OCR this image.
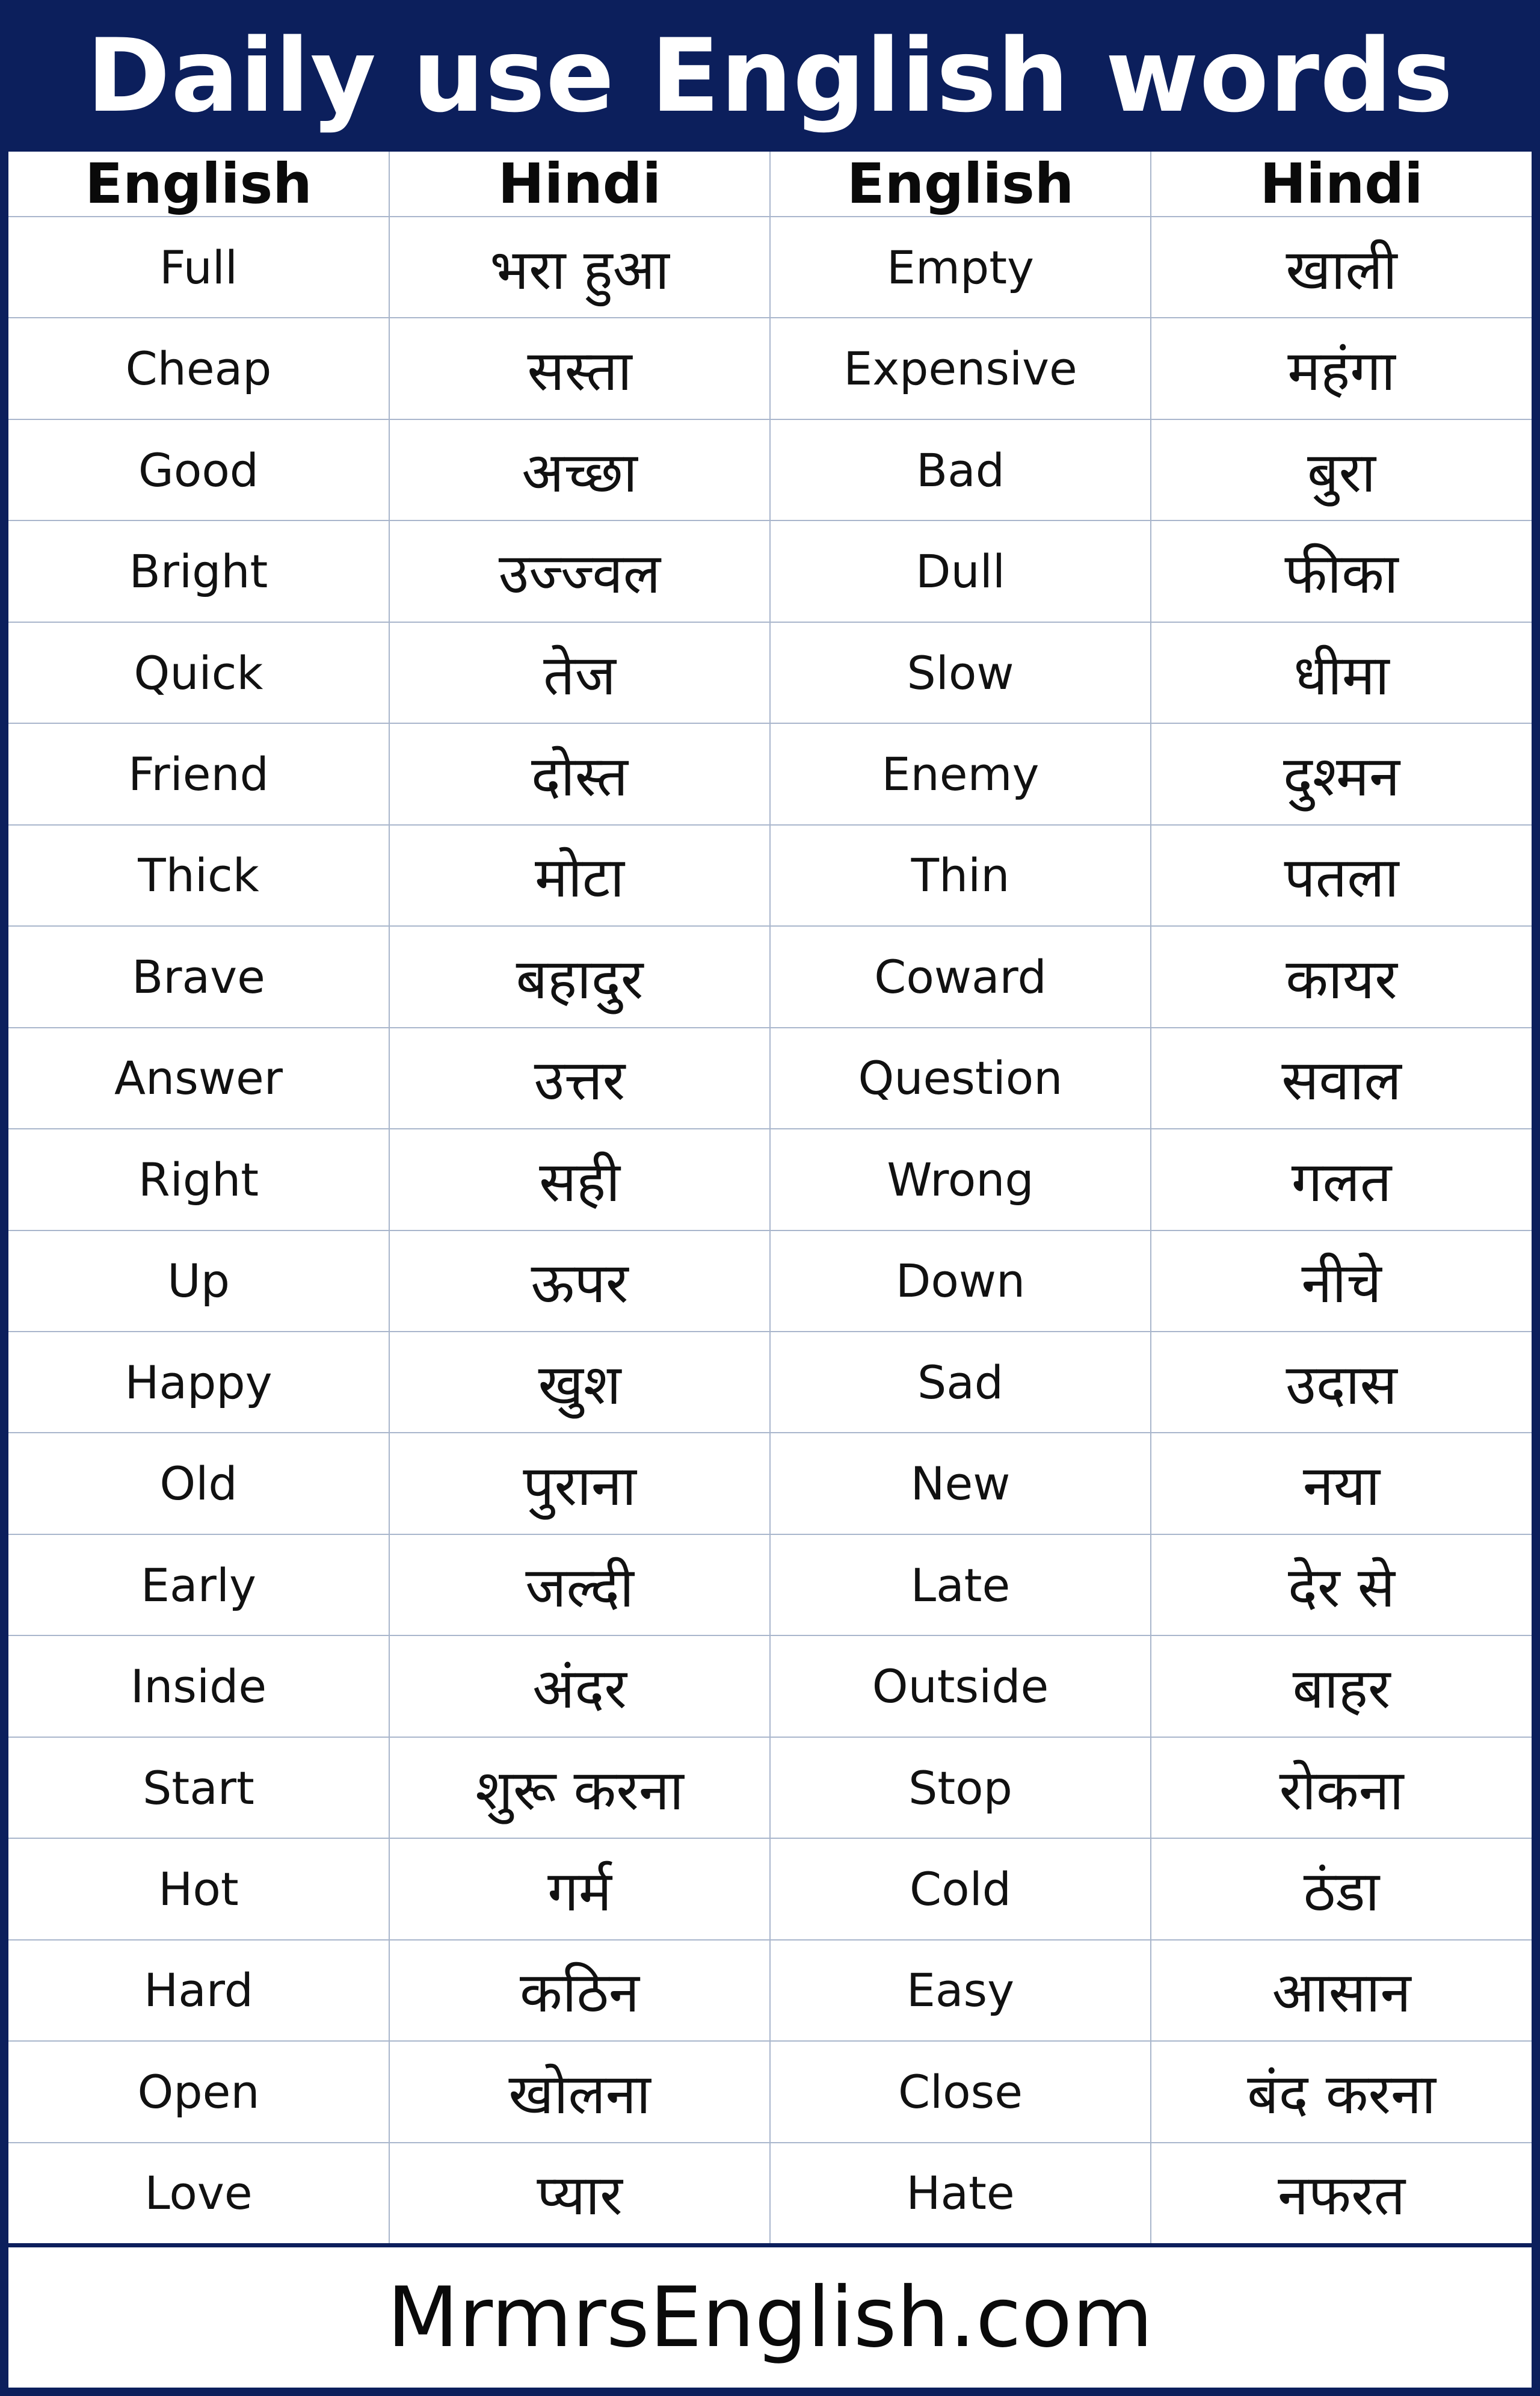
Daily use English words
English	Hindi	English	Hindi
Full	भरा हुआ	Empty	खाली
Cheap	सस्ता	Expensive	महंगा
Good	अच्छा	Bad	बुरा
Bright	उज्ज्वल	Dull	फीका
Quick	तेज	Slow	धीमा
Friend	दोस्त	Enemy	दुश्मन
Thick	मोटा	Thin	पतला
Brave	बहादुर	Coward	कायर
Answer	उत्तर	Question	सवाल
Right	सही	Wrong	गलत
Up	ऊपर	Down	नीचे
Happy	खुश	Sad	उदास
Old	पुराना	New	नया
Early	जल्दी	Late	देर से
Inside	अंदर	Outside	बाहर
Start	शुरू करना	Stop	रोकना
Hot	गर्म	Cold	ठंडा
Hard	कठिन	Easy	आसान
Open	खोलना	Close	बंद करना
Love	प्यार	Hate	नफरत
MrmrsEnglish.com
